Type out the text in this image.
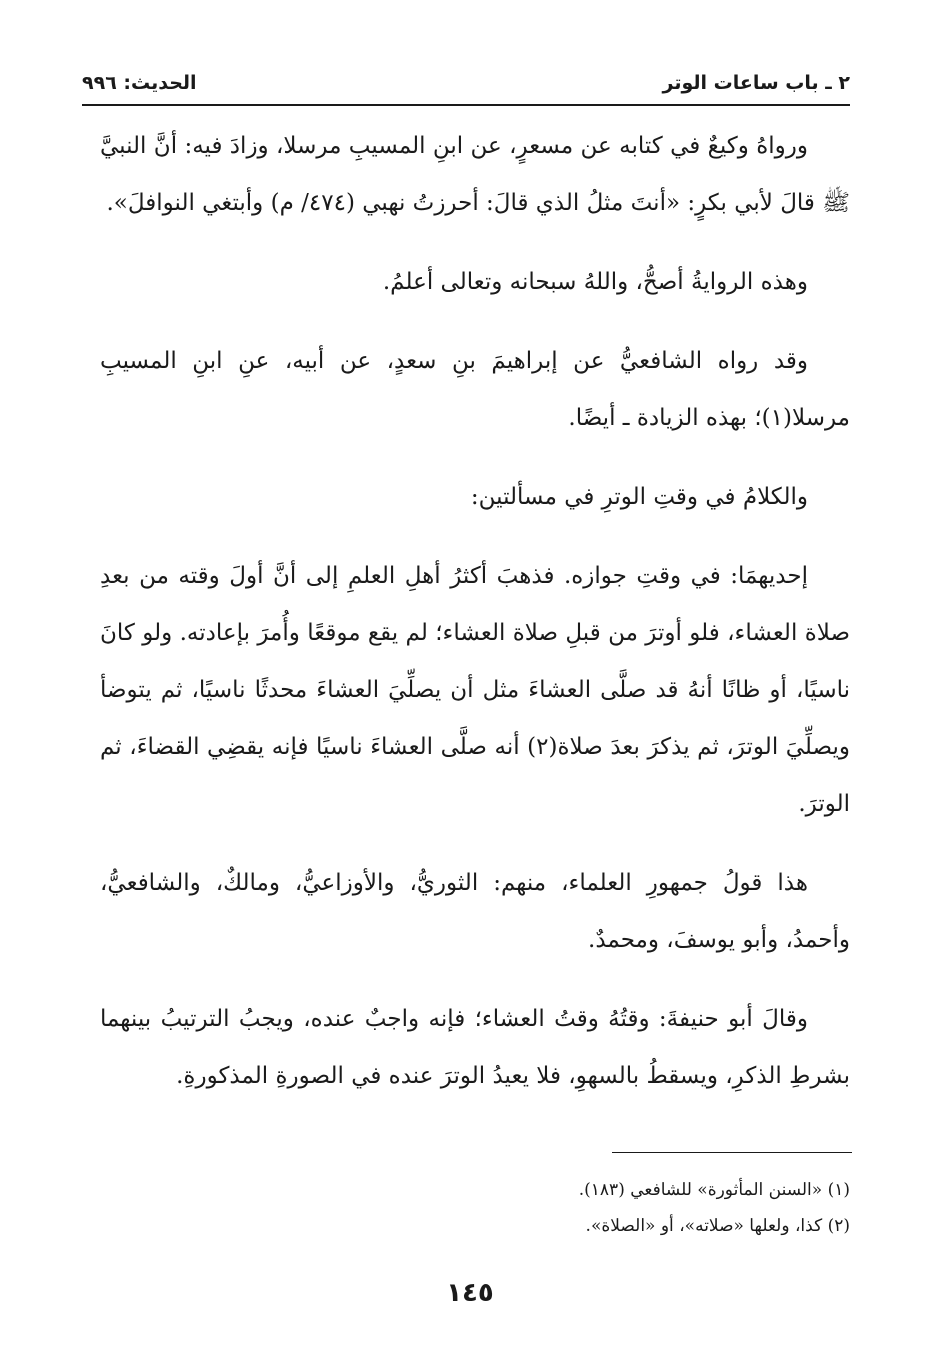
٢ ـ باب ساعات الوتر
الحديث: ٩٩٦

ورواهُ وكيعٌ في كتابه عن مسعرٍ، عن ابنِ المسيبِ مرسلا، وزادَ فيه: أنَّ النبيَّ ﷺ قالَ لأبي بكرٍ: «أنتَ مثلُ الذي قالَ: أحرزتُ نهبي (٤٧٤/ م) وأبتغي النوافلَ».

وهذه الروايةُ أصحُّ، واللهُ سبحانه وتعالى أعلمُ.

وقد رواه الشافعيُّ عن إبراهيمَ بنِ سعدٍ، عن أبيه، عنِ ابنِ المسيبِ مرسلا(١)؛ بهذه الزيادة ـ أيضًا.

والكلامُ في وقتِ الوترِ في مسألتين:

إحديهمَا: في وقتِ جوازه. فذهبَ أكثرُ أهلِ العلمِ إلى أنَّ أولَ وقته من بعدِ صلاة العشاء، فلو أوترَ من قبلِ صلاة العشاء؛ لم يقع موقعًا وأُمرَ بإعادته. ولو كانَ ناسيًا، أو ظانًا أنهُ قد صلَّى العشاءَ مثل أن يصلِّيَ العشاءَ محدثًا ناسيًا، ثم يتوضأ ويصلِّيَ الوترَ، ثم يذكرَ بعدَ صلاة(٢) أنه صلَّى العشاءَ ناسيًا فإنه يقضِي القضاءَ، ثم الوترَ.

هذا قولُ جمهورِ العلماء، منهم: الثوريُّ، والأوزاعيُّ، ومالكٌ، والشافعيُّ، وأحمدُ، وأبو يوسفَ، ومحمدٌ.

وقالَ أبو حنيفةَ: وقتُهُ وقتُ العشاء؛ فإنه واجبٌ عنده، ويجبُ الترتيبُ بينهما بشرطِ الذكرِ، ويسقطُ بالسهوِ، فلا يعيدُ الوترَ عنده في الصورةِ المذكورةِ.

(١) «السنن المأثورة» للشافعي (١٨٣).
(٢) كذا، ولعلها «صلاته»، أو «الصلاة».
١٤٥
